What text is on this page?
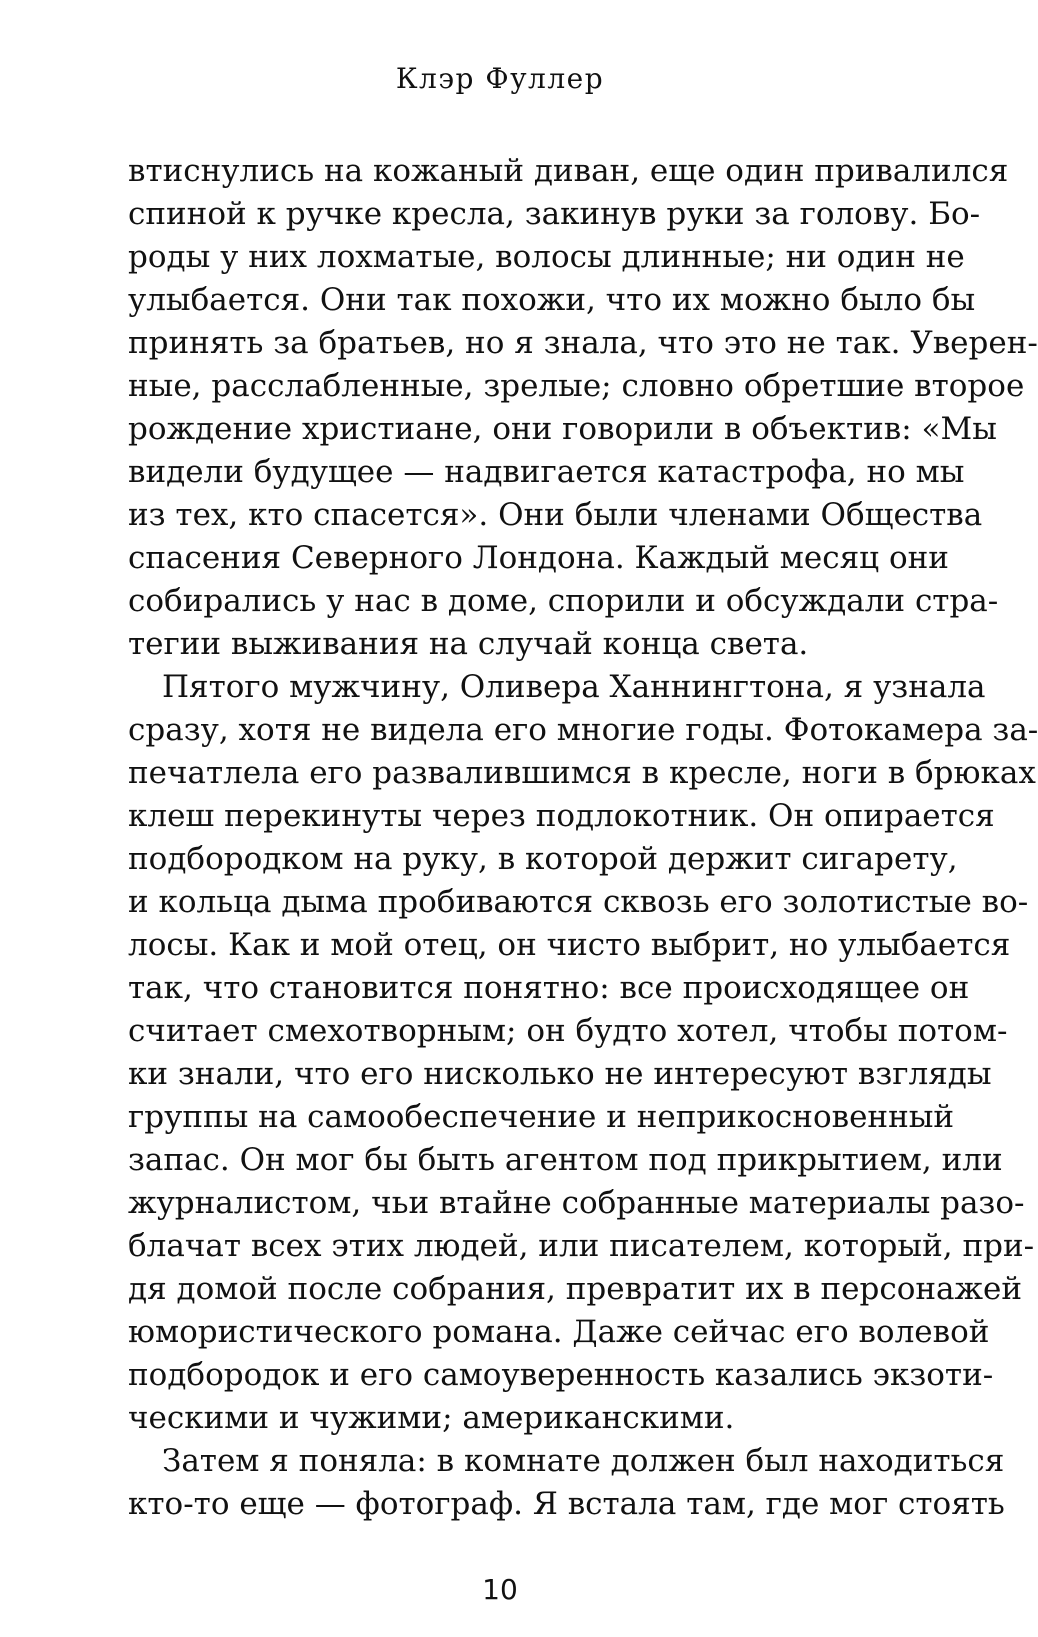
Клэр Фуллер
втиснулись на кожаный диван, еще один привалился
спиной к ручке кресла, закинув руки за голову. Бо-
роды у них лохматые, волосы длинные; ни один не
улыбается. Они так похожи, что их можно было бы
принять за братьев, но я знала, что это не так. Уверен-
ные, расслабленные, зрелые; словно обретшие второе
рождение христиане, они говорили в объектив: «Мы
видели будущее — надвигается катастрофа, но мы
из тех, кто спасется». Они были членами Общества
спасения Северного Лондона. Каждый месяц они
собирались у нас в доме, спорили и обсуждали стра-
тегии выживания на случай конца света.
Пятого мужчину, Оливера Ханнингтона, я узнала
сразу, хотя не видела его многие годы. Фотокамера за-
печатлела его развалившимся в кресле, ноги в брюках
клеш перекинуты через подлокотник. Он опирается
подбородком на руку, в которой держит сигарету,
и кольца дыма пробиваются сквозь его золотистые во-
лосы. Как и мой отец, он чисто выбрит, но улыбается
так, что становится понятно: все происходящее он
считает смехотворным; он будто хотел, чтобы потом-
ки знали, что его нисколько не интересуют взгляды
группы на самообеспечение и неприкосновенный
запас. Он мог бы быть агентом под прикрытием, или
журналистом, чьи втайне собранные материалы разо-
блачат всех этих людей, или писателем, который, при-
дя домой после собрания, превратит их в персонажей
юмористического романа. Даже сейчас его волевой
подбородок и его самоуверенность казались экзоти-
ческими и чужими; американскими.
Затем я поняла: в комнате должен был находиться
кто-то еще — фотограф. Я встала там, где мог стоять
10
